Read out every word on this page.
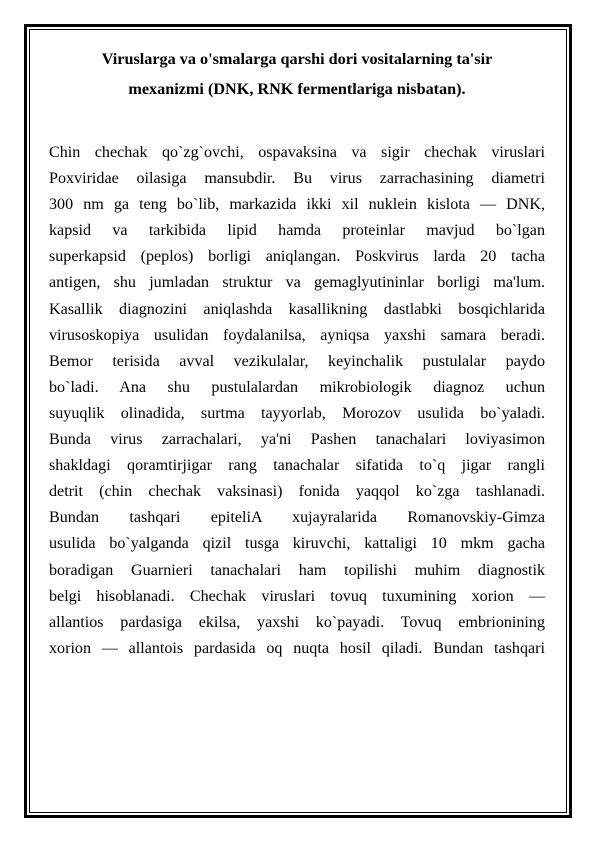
Viruslarga va o'smalarga qarshi dori vositalarning ta'sir
mexanizmi (DNK, RNK fermentlariga nisbatan).
Chin chechak qo`zg`ovchi, ospavaksina va sigir chechak viruslari
Poxviridae oilasiga mansubdir. Bu virus zarrachasining diametri
300 nm ga teng bo`lib, markazida ikki xil nuklein kislota — DNK,
kapsid va tarkibida lipid hamda proteinlar mavjud bo`lgan
superkapsid (peplos) borligi aniqlangan. Poskvirus larda 20 tacha
antigen, shu jumladan struktur va gemaglyutininlar borligi ma'lum.
Kasallik diagnozini aniqlashda kasallikning dastlabki bosqichlarida
virusoskopiya usulidan foydalanilsa, ayniqsa yaxshi samara beradi.
Bemor terisida avval vezikulalar, keyinchalik pustulalar paydo
bo`ladi. Ana shu pustulalardan mikrobiologik diagnoz uchun
suyuqlik olinadida, surtma tayyorlab, Morozov usulida bo`yaladi.
Bunda virus zarrachalari, ya'ni Pashen tanachalari loviyasimon
shakldagi qoramtirjigar rang tanachalar sifatida to`q jigar rangli
detrit (chin chechak vaksinasi) fonida yaqqol ko`zga tashlanadi.
Bundan tashqari epiteliA xujayralarida Romanovskiy-Gimza
usulida bo`yalganda qizil tusga kiruvchi, kattaligi 10 mkm gacha
boradigan Guarnieri tanachalari ham topilishi muhim diagnostik
belgi hisoblanadi. Chechak viruslari tovuq tuxumining xorion —
allantios pardasiga ekilsa, yaxshi ko`payadi. Tovuq embrionining
xorion — allantois pardasida oq nuqta hosil qiladi. Bundan tashqari
